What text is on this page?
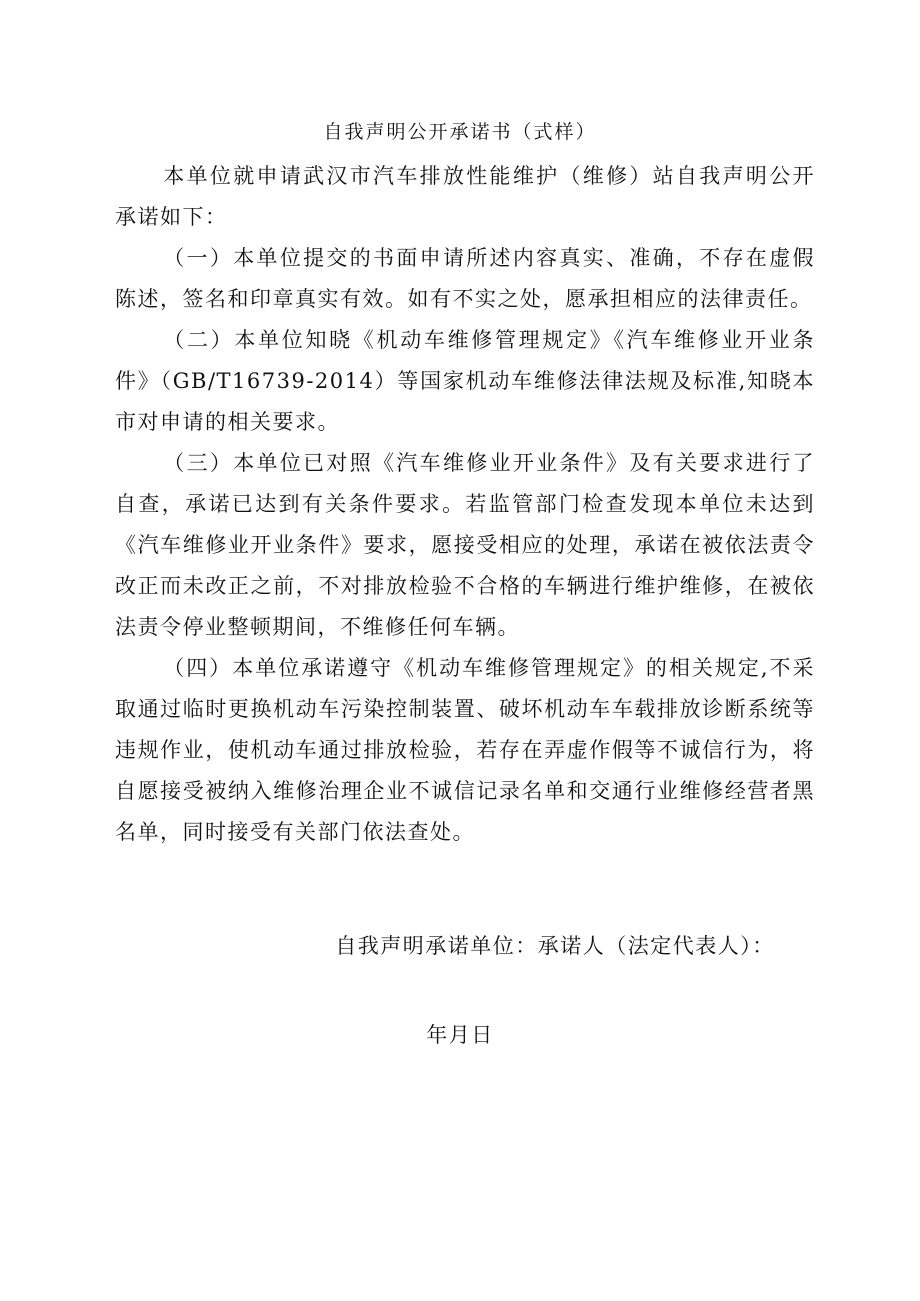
自我声明公开承诺书（式样）

本单位就申请武汉市汽车排放性能维护（维修）站自我声明公开承诺如下：

（一）本单位提交的书面申请所述内容真实、准确，不存在虚假陈述，签名和印章真实有效。如有不实之处，愿承担相应的法律责任。

（二）本单位知晓《机动车维修管理规定》《汽车维修业开业条件》（GB/T16739-2014）等国家机动车维修法律法规及标准,知晓本市对申请的相关要求。

（三）本单位已对照《汽车维修业开业条件》及有关要求进行了自查，承诺已达到有关条件要求。若监管部门检查发现本单位未达到《汽车维修业开业条件》要求，愿接受相应的处理，承诺在被依法责令改正而未改正之前，不对排放检验不合格的车辆进行维护维修，在被依法责令停业整顿期间，不维修任何车辆。

（四）本单位承诺遵守《机动车维修管理规定》的相关规定,不采取通过临时更换机动车污染控制装置、破坏机动车车载排放诊断系统等违规作业，使机动车通过排放检验，若存在弄虚作假等不诚信行为，将自愿接受被纳入维修治理企业不诚信记录名单和交通行业维修经营者黑名单，同时接受有关部门依法查处。

自我声明承诺单位：承诺人（法定代表人）：
年月日
